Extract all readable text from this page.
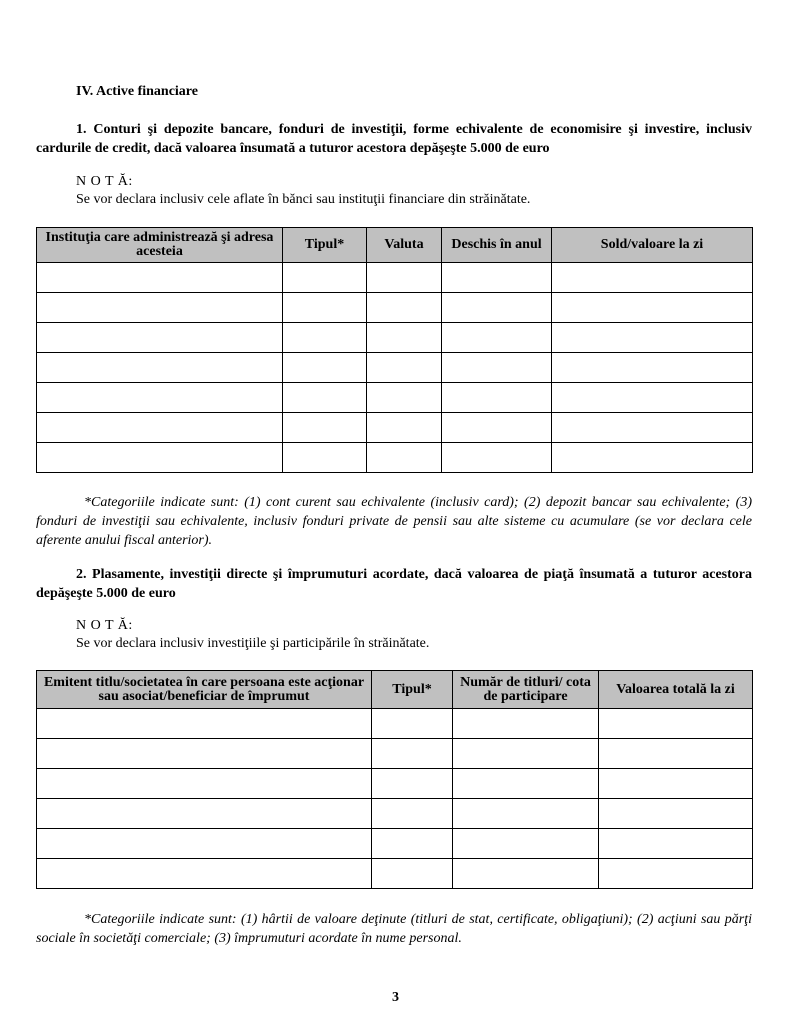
IV. Active financiare
1. Conturi şi depozite bancare, fonduri de investiţii, forme echivalente de economisire şi investire, inclusiv cardurile de credit, dacă valoarea însumată a tuturor acestora depăşeşte 5.000 de euro
N O T Ă:
Se vor declara inclusiv cele aflate în bănci sau instituţii financiare din străinătate.
Instituţia care administrează şi adresa acesteia	Tipul*	Valuta	Deschis în anul	Sold/valoare la zi

*Categoriile indicate sunt: (1) cont curent sau echivalente (inclusiv card); (2) depozit bancar sau echivalente; (3) fonduri de investiţii sau echivalente, inclusiv fonduri private de pensii sau alte sisteme cu acumulare (se vor declara cele aferente anului fiscal anterior).
2. Plasamente, investiţii directe şi împrumuturi acordate, dacă valoarea de piaţă însumată a tuturor acestora depăşeşte 5.000 de euro
N O T Ă:
Se vor declara inclusiv investiţiile şi participările în străinătate.
Emitent titlu/societatea în care persoana este acţionar sau asociat/beneficiar de împrumut	Tipul*	Număr de titluri/ cota de participare	Valoarea totală la zi

*Categoriile indicate sunt: (1) hârtii de valoare deţinute (titluri de stat, certificate, obligaţiuni); (2) acţiuni sau părţi sociale în societăţi comerciale; (3) împrumuturi acordate în nume personal.
3
